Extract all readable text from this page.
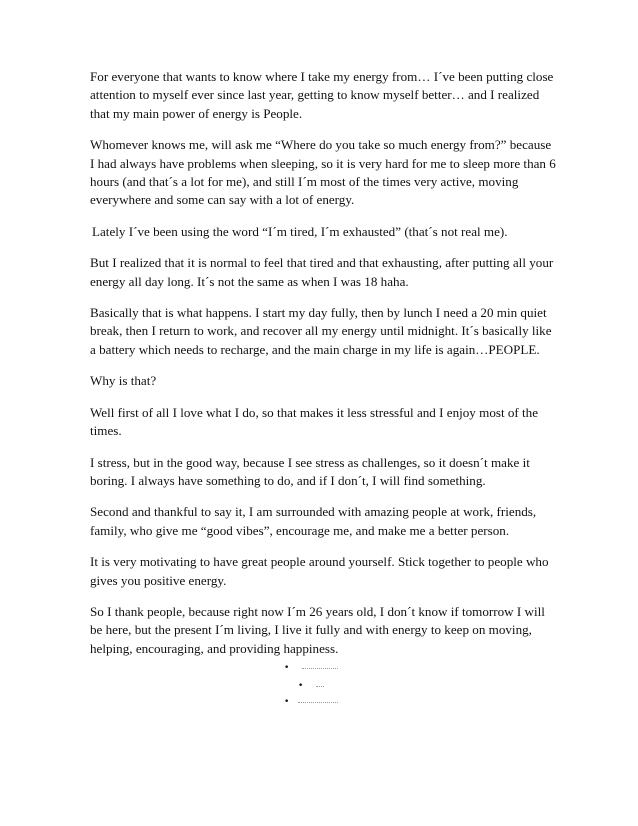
For everyone that wants to know where I take my energy from… I´ve been putting close attention to myself ever since last year, getting to know myself better… and I realized that my main power of energy is People.

Whomever knows me, will ask me “Where do you take so much energy from?” because I had always have problems when sleeping, so it is very hard for me to sleep more than 6 hours (and that´s a lot for me), and still I´m most of the times very active, moving everywhere and some can say with a lot of energy.

Lately I´ve been using the word “I´m tired, I´m exhausted” (that´s not real me).

But I realized that it is normal to feel that tired and that exhausting, after putting all your energy all day long. It´s not the same as when I was 18 haha.

Basically that is what happens. I start my day fully, then by lunch I need a 20 min quiet break, then I return to work, and recover all my energy until midnight. It´s basically like a battery which needs to recharge, and the main charge in my life is again…PEOPLE.

Why is that?

Well first of all I love what I do, so that makes it less stressful and I enjoy most of the times.

I stress, but in the good way, because I see stress as challenges, so it doesn´t make it boring. I always have something to do, and if I don´t, I will find something.

Second and thankful to say it, I am surrounded with amazing people at work, friends, family, who give me “good vibes”, encourage me, and make me a better person.

It is very motivating to have great people around yourself. Stick together to people who gives you positive energy.

So I thank people, because right now I´m 26 years old, I don´t know if tomorrow I will be here, but the present I´m living, I live it fully and with energy to keep on moving, helping, encouraging, and providing happiness.

•
•
•
